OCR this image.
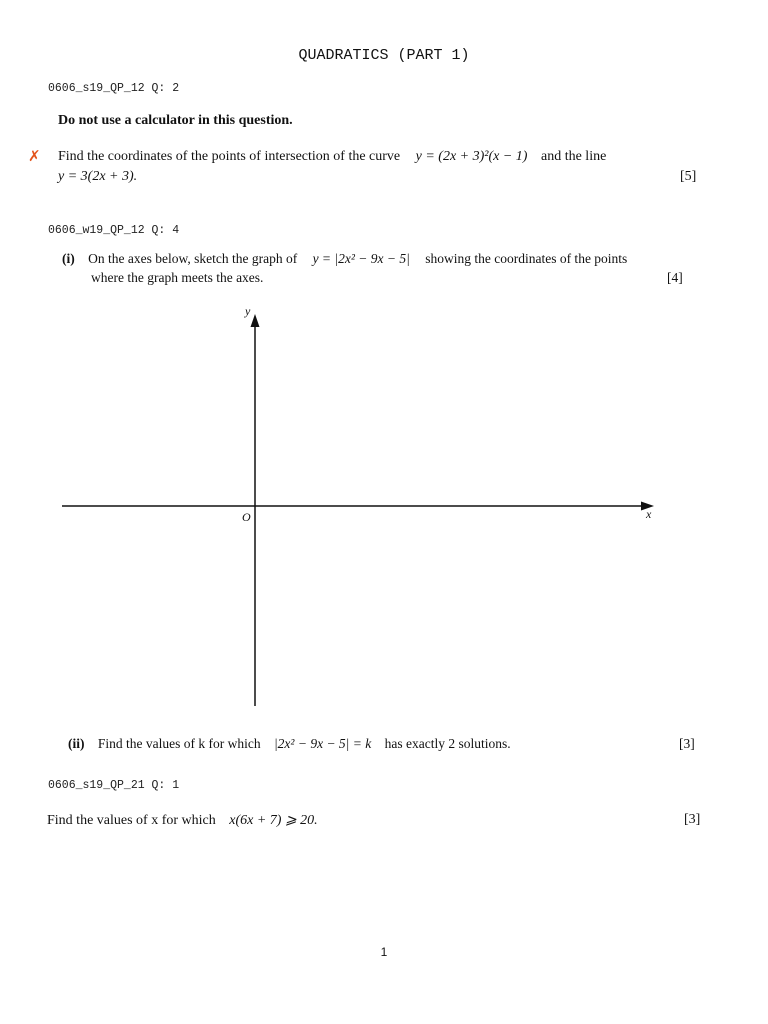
QUADRATICS (PART 1)
0606_s19_QP_12 Q: 2
Do not use a calculator in this question.
✗ Find the coordinates of the points of intersection of the curve y = (2x + 3)²(x − 1) and the line
y = 3(2x + 3).	[5]
0606_w19_QP_12 Q: 4
(i) On the axes below, sketch the graph of y = |2x² − 9x − 5| showing the coordinates of the points
where the graph meets the axes.	[4]
y
x
O
(ii) Find the values of k for which |2x² − 9x − 5| = k has exactly 2 solutions.	[3]
0606_s19_QP_21 Q: 1
Find the values of x for which x(6x + 7) ⩾ 20.	[3]
1
